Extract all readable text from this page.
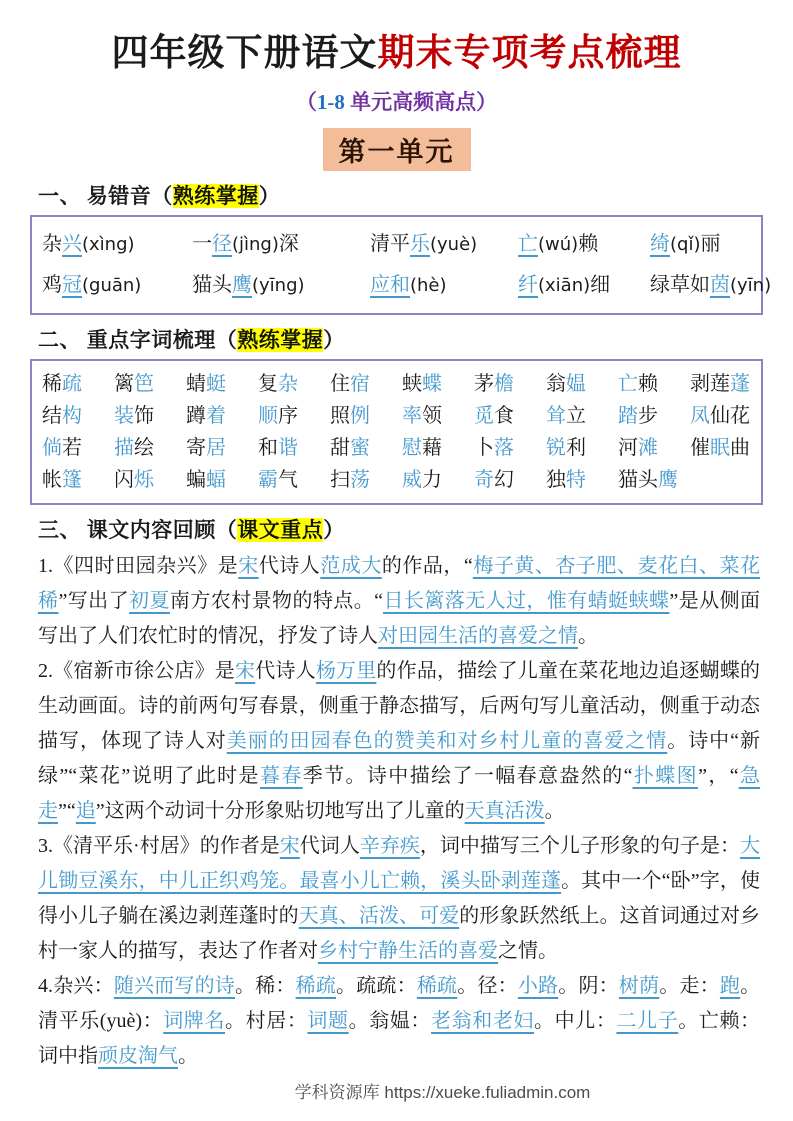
四年级下册语文期末专项考点梳理
（1-8 单元高频高点）
第一单元
一、 易错音（熟练掌握）
杂兴(xìng)	一径(jìng)深	清平乐(yuè)	亡(wú)赖	绮(qǐ)丽
鸡冠(guān)	猫头鹰(yīng)	应和(hè)	纤(xiān)细	绿草如茵(yīn)
二、 重点字词梳理（熟练掌握）
稀疏	篱笆	蜻蜓	复杂	住宿	蛱蝶	茅檐	翁媪	亡赖	剥莲蓬
结构	装饰	蹲着	顺序	照例	率领	觅食	耸立	踏步	凤仙花
倘若	描绘	寄居	和谐	甜蜜	慰藉	卜落	锐利	河滩	催眠曲
帐篷	闪烁	蝙蝠	霸气	扫荡	威力	奇幻	独特	猫头鹰
三、 课文内容回顾（课文重点）

1.《四时田园杂兴》是宋代诗人范成大的作品，“梅子黄、杏子肥、麦花白、菜花稀”写出了初夏南方农村景物的特点。“日长篱落无人过，惟有蜻蜓蛱蝶”是从侧面写出了人们农忙时的情况，抒发了诗人对田园生活的喜爱之情。

2.《宿新市徐公店》是宋代诗人杨万里的作品，描绘了儿童在菜花地边追逐蝴蝶的生动画面。诗的前两句写春景，侧重于静态描写，后两句写儿童活动，侧重于动态描写，体现了诗人对美丽的田园春色的赞美和对乡村儿童的喜爱之情。诗中“新绿”“菜花”说明了此时是暮春季节。诗中描绘了一幅春意盎然的“扑蝶图”，“急走”“追”这两个动词十分形象贴切地写出了儿童的天真活泼。

3.《清平乐·村居》的作者是宋代词人辛弃疾，词中描写三个儿子形象的句子是：大儿锄豆溪东，中儿正织鸡笼。最喜小儿亡赖，溪头卧剥莲蓬。其中一个“卧”字，使得小儿子躺在溪边剥莲蓬时的天真、活泼、可爱的形象跃然纸上。这首词通过对乡村一家人的描写，表达了作者对乡村宁静生活的喜爱之情。

4.杂兴：随兴而写的诗。稀：稀疏。疏疏：稀疏。径：小路。阴：树荫。走：跑。清平乐(yuè)：词牌名。村居：词题。翁媪：老翁和老妇。中儿：二儿子。亡赖：词中指顽皮淘气。

学科资源库 https://xueke.fuliadmin.com
